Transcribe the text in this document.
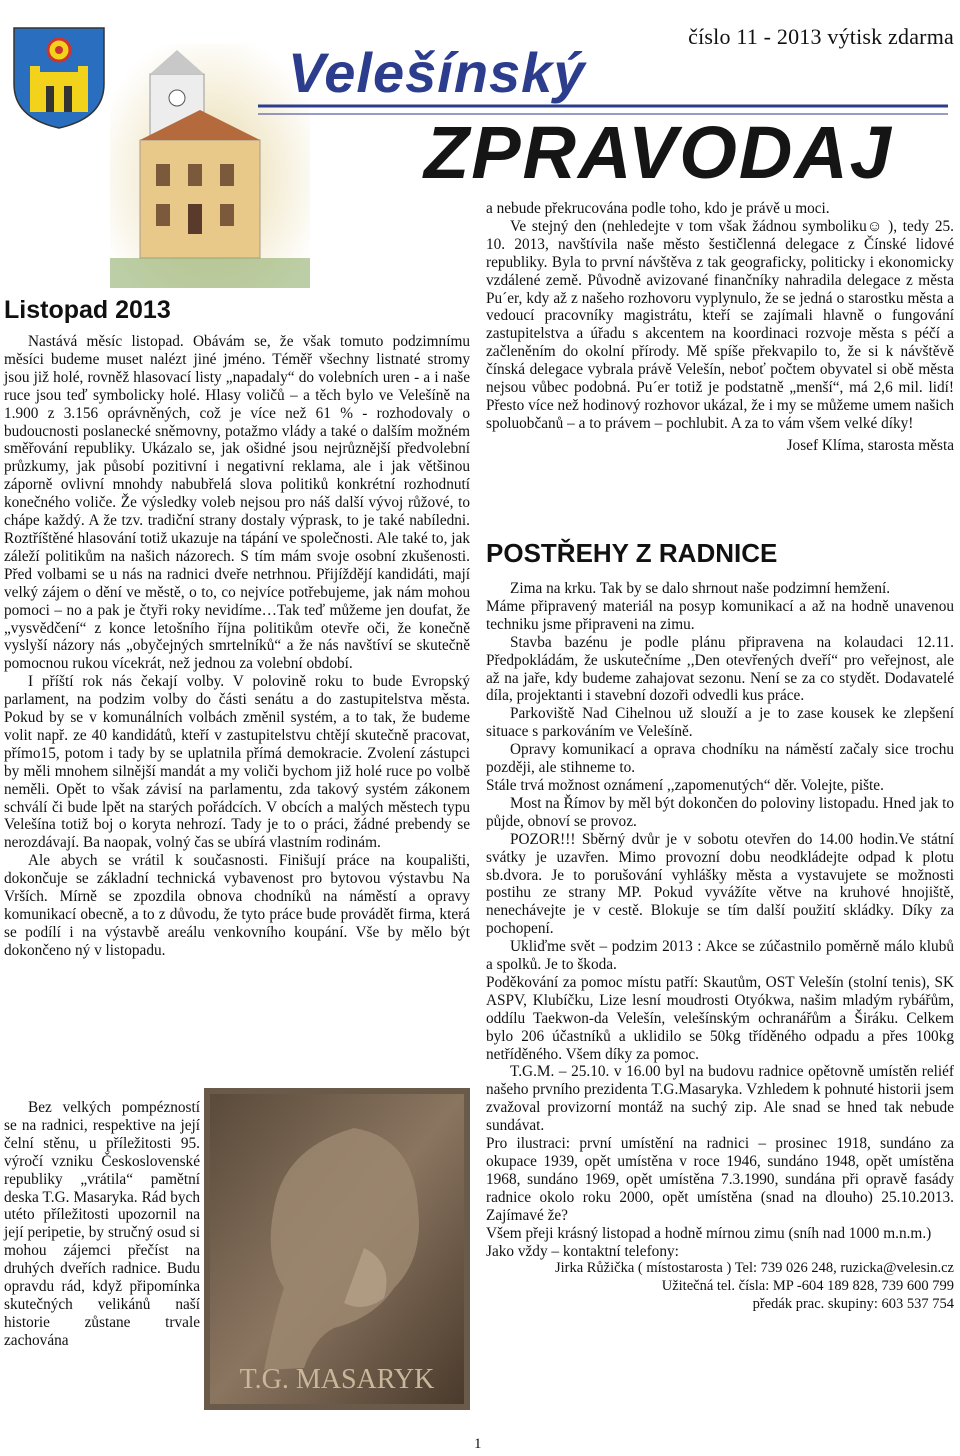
číslo 11 - 2013 výtisk zdarma
Velešínský
ZPRAVODAJ
Listopad 2013

Nastává měsíc listopad. Obávám se, že však tomuto podzimnímu měsíci budeme muset nalézt jiné jméno. Téměř všechny listnaté stromy jsou již holé, rovněž hlasovací listy „napadaly“ do volebních uren - a i naše ruce jsou teď symbolicky holé. Hlasy voličů – a těch bylo ve Velešíně na 1.900 z 3.156 oprávněných, což je více než 61 % - rozhodovaly o budoucnosti poslanecké sněmovny, potažmo vlády a také o dalším možném směřování republiky. Ukázalo se, jak ošidné jsou nejrůznější předvolební průzkumy, jak působí pozitivní i negativní reklama, ale i jak většinou záporně ovlivní mnohdy nabubřelá slova politiků konkrétní rozhodnutí konečného voliče. Že výsledky voleb nejsou pro náš další vývoj růžové, to chápe každý. A že tzv. tradiční strany dostaly výprask, to je také nabíledni. Roztříštěné hlasování totiž ukazuje na tápání ve společnosti. Ale také to, jak záleží politikům na našich názorech. S tím mám svoje osobní zkušenosti. Před volbami se u nás na radnici dveře netrhnou. Přijíždějí kandidáti, mají velký zájem o dění ve městě, o to, co nejvíce potřebujeme, jak nám mohou pomoci – no a pak je čtyři roky nevidíme…Tak teď můžeme jen doufat, že „vysvědčení“ z konce letošního října politikům otevře oči, že konečně vyslyší názory nás „obyčejných smrtelníků“ a že nás navštíví se skutečně pomocnou rukou vícekrát, než jednou za volební období.

I příští rok nás čekají volby. V polovině roku to bude Evropský parlament, na podzim volby do části senátu a do zastupitelstva města. Pokud by se v komunálních volbách změnil systém, a to tak, že budeme volit např. ze 40 kandidátů, kteří v zastupitelstvu chtějí skutečně pracovat, přímo15, potom i tady by se uplatnila přímá demokracie. Zvolení zástupci by měli mnohem silnější mandát a my voliči bychom již holé ruce po volbě neměli. Opět to však závisí na parlamentu, zda takový systém zákonem schválí či bude lpět na starých pořádcích. V obcích a malých městech typu Velešína totiž boj o koryta nehrozí. Tady je to o práci, žádné prebendy se nerozdávají. Ba naopak, volný čas se ubírá vlastním rodinám.

Ale abych se vrátil k současnosti. Finišují práce na koupališti, dokončuje se základní technická vybavenost pro bytovou výstavbu Na Vrších. Mírně se zpozdila obnova chodníků na náměstí a opravy komunikací obecně, a to z důvodu, že tyto práce bude provádět firma, která se podílí i na výstavbě areálu venkovního koupání. Vše by mělo být dokončeno ný v listopadu.

Bez velkých pompézností se na radnici, respektive na její čelní stěnu, u příležitosti 95. výročí vzniku Československé republiky „vrátila“ pamětní deska T.G. Masaryka. Rád bych utéto příležitosti upozornil na její peripetie, by stručný osud si mohou zájemci přečíst na druhých dveřích radnice. Budu opravdu rád, když připomínka skutečných velikánů naší historie zůstane trvale zachována

T.G. MASARYK

a nebude překrucována podle toho, kdo je právě u moci.

Ve stejný den (nehledejte v tom však žádnou symboliku☺ ), tedy 25. 10. 2013, navštívila naše město šestičlenná delegace z Čínské lidové republiky. Byla to první návštěva z tak geograficky, politicky i ekonomicky vzdálené země. Původně avizované finančníky nahradila delegace z města Pu´er, kdy až z našeho rozhovoru vyplynulo, že se jedná o starostku města a vedoucí pracovníky magistrátu, kteří se zajímali hlavně o fungování zastupitelstva a úřadu s akcentem na koordinaci rozvoje města s péčí a začleněním do okolní přírody. Mě spíše překvapilo to, že si k návštěvě čínská delegace vybrala právě Velešín, neboť počtem obyvatel si obě města nejsou vůbec podobná. Pu´er totiž je podstatně „menší“, má 2,6 mil. lidí! Přesto více než hodinový rozhovor ukázal, že i my se můžeme umem našich spoluobčanů – a to právem – pochlubit. A za to vám všem velké díky!

Josef Klíma, starosta města

POSTŘEHY Z RADNICE

Zima na krku. Tak by se dalo shrnout naše podzimní hemžení.

Máme připravený materiál na posyp komunikací a až na hodně unavenou techniku jsme připraveni na zimu.

Stavba bazénu je podle plánu připravena na kolaudaci 12.11. Předpokládám, že uskutečníme ,,Den otevřených dveří“ pro veřejnost, ale až na jaře, kdy budeme zahajovat sezonu. Není se za co stydět. Dodavatelé díla, projektanti i stavební dozoři odvedli kus práce.

Parkoviště Nad Cihelnou už slouží a je to zase kousek ke zlepšení situace s parkováním ve Velešíně.

Opravy komunikací a oprava chodníku na náměstí začaly sice trochu později, ale stihneme to.

Stále trvá možnost oznámení ,,zapomenutých“ děr. Volejte, pište.

Most na Římov by měl být dokončen do poloviny listopadu. Hned jak to půjde, obnoví se provoz.

POZOR!!! Sběrný dvůr je v sobotu otevřen do 14.00 hodin.Ve státní svátky je uzavřen. Mimo provozní dobu neodkládejte odpad k plotu sb.dvora. Je to porušování vyhlášky města a vystavujete se možnosti postihu ze strany MP. Pokud vyvážíte větve na kruhové hnojiště, nenechávejte je v cestě. Blokuje se tím další použití skládky. Díky za pochopení.

Ukliďme svět – podzim 2013 : Akce se zúčastnilo poměrně málo klubů a spolků. Je to škoda.

Poděkování za pomoc místu patří: Skautům, OST Velešín (stolní tenis), SK ASPV, Klubíčku, Lize lesní moudrosti Otyókwa, našim mladým rybářům, oddílu Taekwon-da Velešín, velešínským ochranářům a Širáku. Celkem bylo 206 účastníků a uklidilo se 50kg tříděného odpadu a přes 100kg netříděného. Všem díky za pomoc.

T.G.M. – 25.10. v 16.00 byl na budovu radnice opětovně umístěn reliéf našeho prvního prezidenta T.G.Masaryka. Vzhledem k pohnuté historii jsem zvažoval provizorní montáž na suchý zip. Ale snad se hned tak nebude sundávat.

Pro ilustraci: první umístění na radnici – prosinec 1918, sundáno za okupace 1939, opět umístěna v roce 1946, sundáno 1948, opět umístěna 1968, sundáno 1969, opět umístěna 7.3.1990, sundána při opravě fasády radnice okolo roku 2000, opět umístěna (snad na dlouho) 25.10.2013. Zajímavé že?

Všem přeji krásný listopad a hodně mírnou zimu (sníh nad 1000 m.n.m.)

Jako vždy – kontaktní telefony:

Jirka Růžička ( místostarosta ) Tel: 739 026 248, ruzicka@velesin.cz

Užitečná tel. čísla: MP -604 189 828, 739 600 799

předák prac. skupiny: 603 537 754

1
